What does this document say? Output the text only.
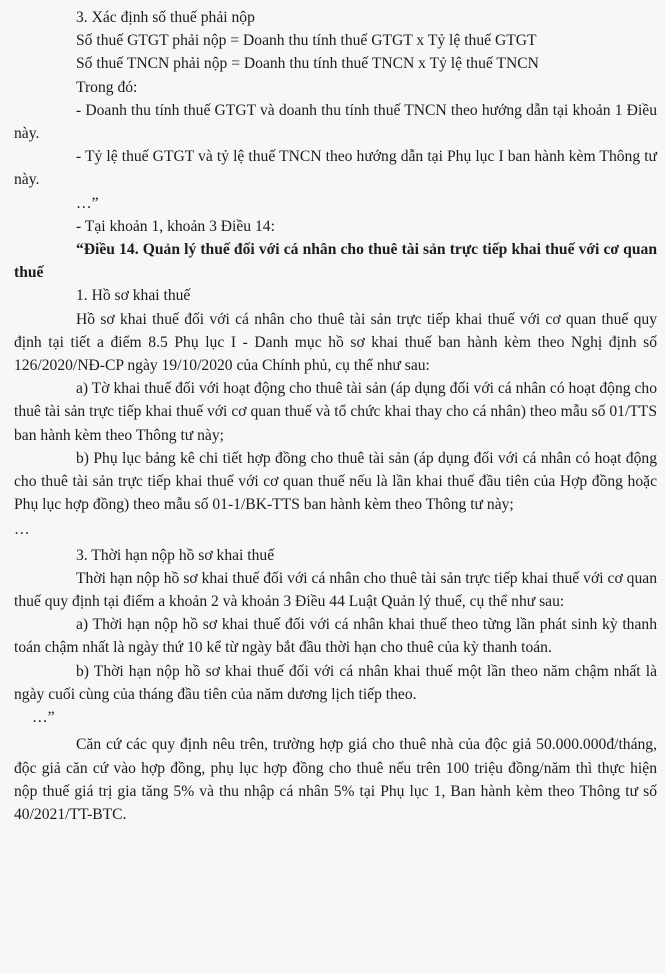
3. Xác định số thuế phải nộp

Số thuế GTGT phải nộp = Doanh thu tính thuế GTGT x Tỷ lệ thuế GTGT

Số thuế TNCN phải nộp = Doanh thu tính thuế TNCN x Tỷ lệ thuế TNCN

Trong đó:

- Doanh thu tính thuế GTGT và doanh thu tính thuế TNCN theo hướng dẫn tại khoản 1 Điều này.

- Tỷ lệ thuế GTGT và tỷ lệ thuế TNCN theo hướng dẫn tại Phụ lục I ban hành kèm Thông tư này.

…”

- Tại khoản 1, khoản 3 Điều 14:

“Điều 14. Quản lý thuế đối với cá nhân cho thuê tài sản trực tiếp khai thuế với cơ quan thuế

1. Hồ sơ khai thuế

Hồ sơ khai thuế đối với cá nhân cho thuê tài sản trực tiếp khai thuế với cơ quan thuế quy định tại tiết a điểm 8.5 Phụ lục I - Danh mục hồ sơ khai thuế ban hành kèm theo Nghị định số 126/2020/NĐ-CP ngày 19/10/2020 của Chính phủ, cụ thể như sau:

a) Tờ khai thuế đối với hoạt động cho thuê tài sản (áp dụng đối với cá nhân có hoạt động cho thuê tài sản trực tiếp khai thuế với cơ quan thuế và tổ chức khai thay cho cá nhân) theo mẫu số 01/TTS ban hành kèm theo Thông tư này;

b) Phụ lục bảng kê chi tiết hợp đồng cho thuê tài sản (áp dụng đối với cá nhân có hoạt động cho thuê tài sản trực tiếp khai thuế với cơ quan thuế nếu là lần khai thuế đầu tiên của Hợp đồng hoặc Phụ lục hợp đồng) theo mẫu số 01-1/BK-TTS ban hành kèm theo Thông tư này;

…

3. Thời hạn nộp hồ sơ khai thuế

Thời hạn nộp hồ sơ khai thuế đối với cá nhân cho thuê tài sản trực tiếp khai thuế với cơ quan thuế quy định tại điểm a khoản 2 và khoản 3 Điều 44 Luật Quản lý thuế, cụ thể như sau:

a) Thời hạn nộp hồ sơ khai thuế đối với cá nhân khai thuế theo từng lần phát sinh kỳ thanh toán chậm nhất là ngày thứ 10 kể từ ngày bắt đầu thời hạn cho thuê của kỳ thanh toán.

b) Thời hạn nộp hồ sơ khai thuế đối với cá nhân khai thuế một lần theo năm chậm nhất là ngày cuối cùng của tháng đầu tiên của năm dương lịch tiếp theo.

…”

Căn cứ các quy định nêu trên, trường hợp giá cho thuê nhà của độc giả 50.000.000đ/tháng, độc giả căn cứ vào hợp đồng, phụ lục hợp đồng cho thuê nếu trên 100 triệu đồng/năm thì thực hiện nộp thuế giá trị gia tăng 5% và thu nhập cá nhân 5% tại Phụ lục 1, Ban hành kèm theo Thông tư số 40/2021/TT-BTC.
